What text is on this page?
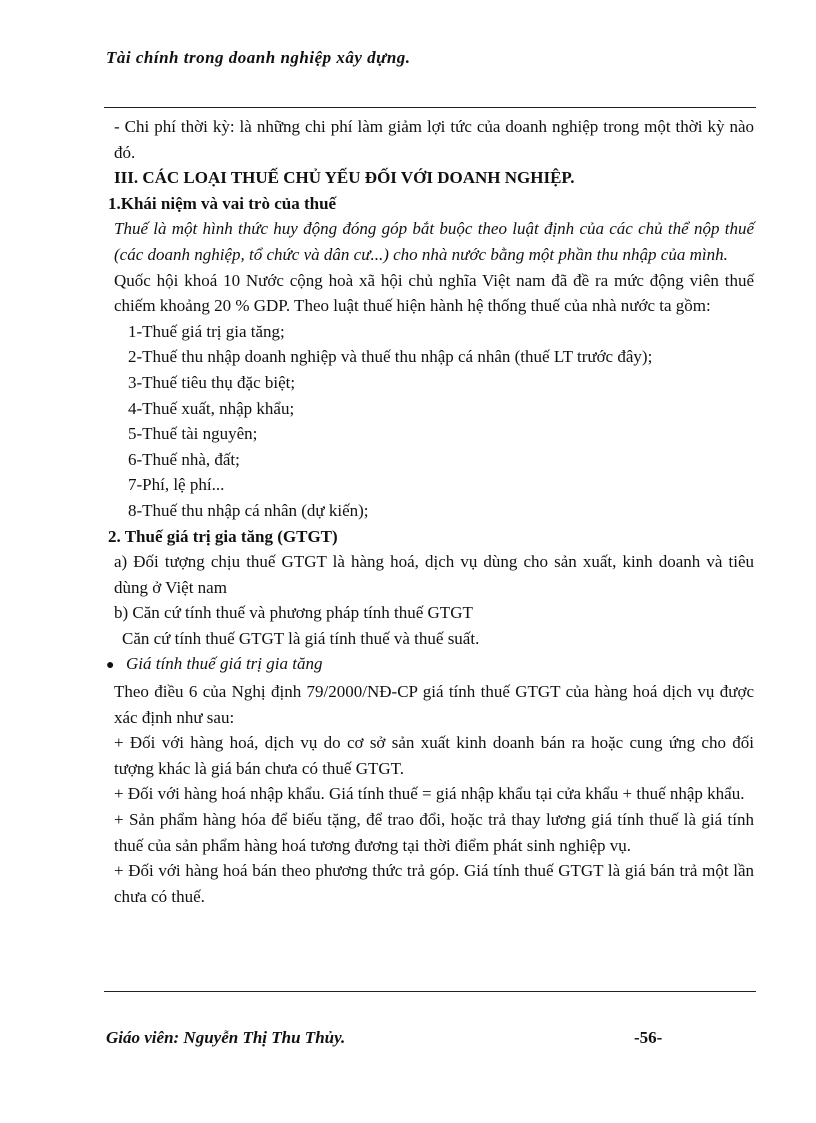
Tài chính trong doanh nghiệp xây dựng.
- Chi phí thời kỳ: là những chi phí làm giảm lợi tức của doanh nghiệp trong một thời kỳ nào đó.
III. CÁC LOẠI THUẾ CHỦ YẾU ĐỐI VỚI DOANH NGHIỆP.
1.Khái niệm và vai trò của thuế
Thuế là một hình thức huy động đóng góp bắt buộc theo luật định của các chủ thể nộp thuế (các doanh nghiệp, tổ chức và dân cư...) cho nhà nước bằng một phần thu nhập của mình.
Quốc hội khoá 10 Nước cộng hoà xã hội chủ nghĩa Việt nam đã đề ra mức động viên thuế chiếm khoảng 20 % GDP. Theo luật thuế hiện hành hệ thống thuế của nhà nước ta gồm:
1-Thuế giá trị gia tăng;
2-Thuế thu nhập doanh nghiệp và thuế thu nhập cá nhân (thuế LT trước đây);
3-Thuế tiêu thụ đặc biệt;
4-Thuế xuất, nhập khẩu;
5-Thuế tài nguyên;
6-Thuế nhà, đất;
7-Phí, lệ phí...
8-Thuế thu nhập cá nhân (dự kiến);
2. Thuế giá trị gia tăng (GTGT)
a) Đối tượng chịu thuế GTGT là hàng hoá, dịch vụ dùng cho sản xuất, kinh doanh và tiêu dùng ở Việt nam
b) Căn cứ tính thuế và phương pháp tính thuế GTGT
Căn cứ tính thuế GTGT là giá tính thuế và thuế suất.
● Giá tính thuế giá trị gia tăng
Theo điều 6 của Nghị định 79/2000/NĐ-CP giá tính thuế GTGT của hàng hoá dịch vụ được xác định như sau:
+ Đối với hàng hoá, dịch vụ do cơ sở sản xuất kinh doanh bán ra hoặc cung ứng cho đối tượng khác là giá bán chưa có thuế GTGT.
+ Đối với hàng hoá nhập khẩu. Giá tính thuế = giá nhập khẩu tại cửa khẩu + thuế nhập khẩu.
+ Sản phẩm hàng hóa để biếu tặng, để trao đổi, hoặc trả thay lương giá tính thuế là giá tính thuế của sản phẩm hàng hoá tương đương tại thời điểm phát sinh nghiệp vụ.
+ Đối với hàng hoá bán theo phương thức trả góp. Giá tính thuế GTGT là giá bán trả một lần chưa có thuế.
Giáo viên: Nguyễn Thị Thu Thủy.	-56-
